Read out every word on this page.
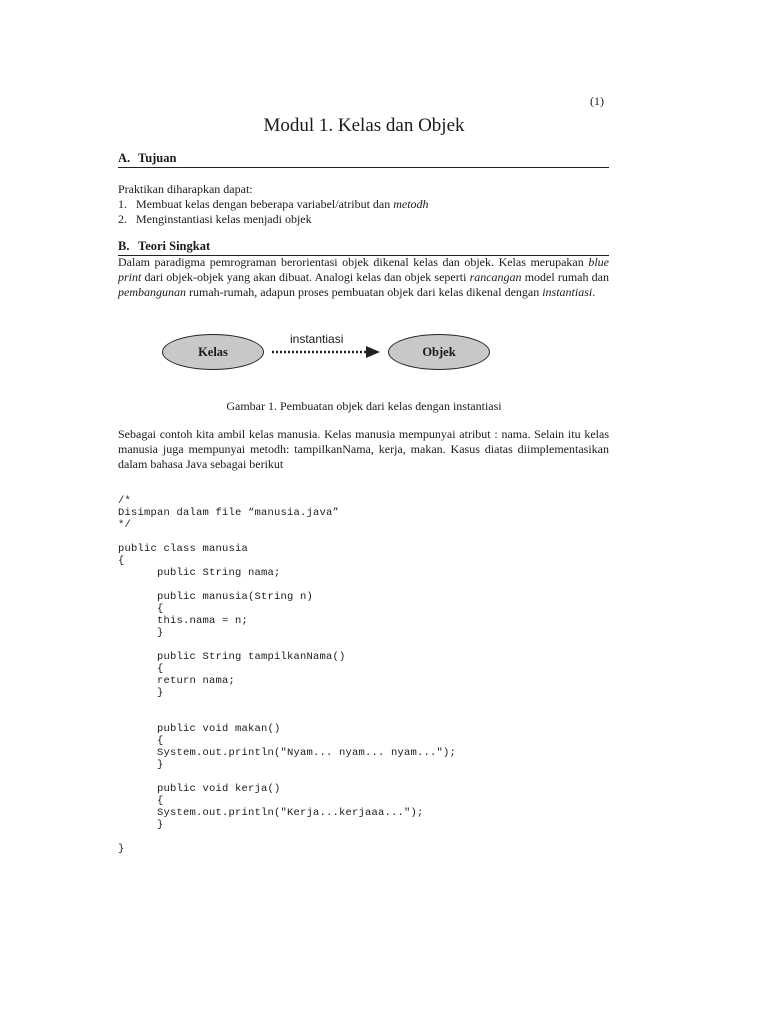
(1)
Modul 1. Kelas dan Objek
A. Tujuan
Praktikan diharapkan dapat:
1. Membuat kelas dengan beberapa variabel/atribut dan metodh
2. Menginstantiasi kelas menjadi objek
B. Teori Singkat
Dalam paradigma pemrograman berorientasi objek dikenal kelas dan objek. Kelas merupakan blue print dari objek-objek yang akan dibuat. Analogi kelas dan objek seperti rancangan model rumah dan pembangunan rumah-rumah, adapun proses pembuatan objek dari kelas dikenal dengan instantiasi.
Kelas
instantiasi
Objek
Gambar 1. Pembuatan objek dari kelas dengan instantiasi
Sebagai contoh kita ambil kelas manusia. Kelas manusia mempunyai atribut : nama. Selain itu kelas manusia juga mempunyai metodh: tampilkanNama, kerja, makan. Kasus diatas diimplementasikan dalam bahasa Java sebagai berikut
/*
Disimpan dalam file “manusia.java”
*/

public class manusia
{
	public String nama;

	public manusia(String n)
	{
	this.nama = n;
	}

	public String tampilkanNama()
	{
	return nama;
	}

	public void makan()
	{
	System.out.println("Nyam... nyam... nyam...");
	}

	public void kerja()
	{
	System.out.println("Kerja...kerjaaa...");
	}

}
